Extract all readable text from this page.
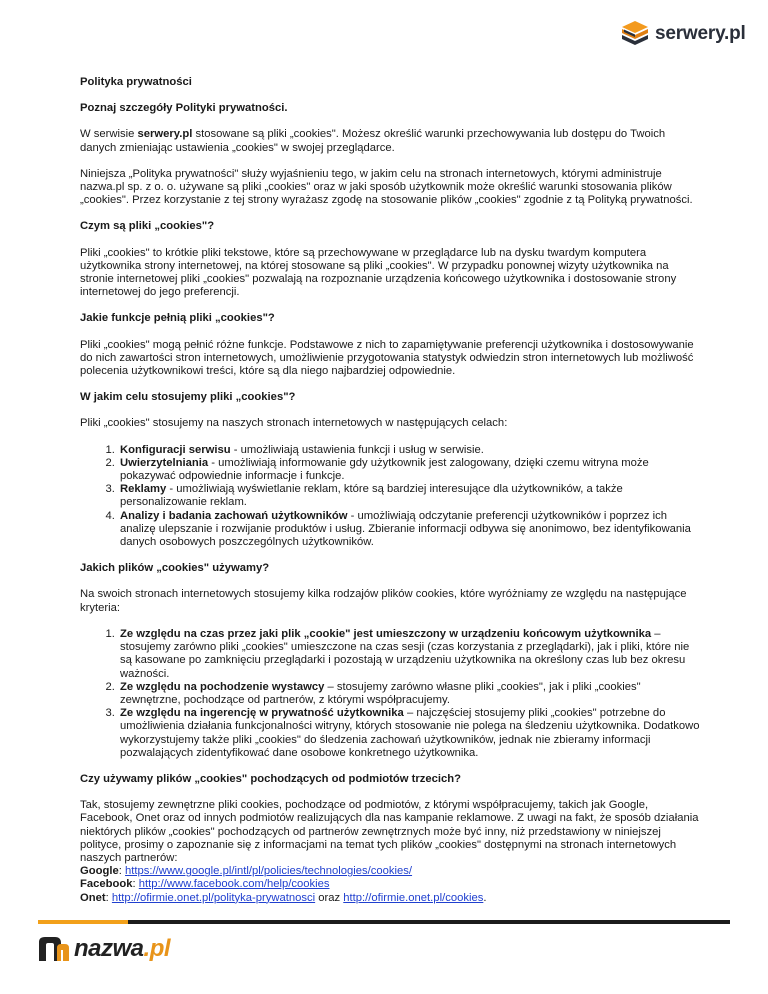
serwery.pl
Polityka prywatności
Poznaj szczegóły Polityki prywatności.

W serwisie serwery.pl stosowane są pliki „cookies". Możesz określić warunki przechowywania lub dostępu do Twoich danych zmieniając ustawienia „cookies" w swojej przeglądarce.

Niniejsza „Polityka prywatności" służy wyjaśnieniu tego, w jakim celu na stronach internetowych, którymi administruje nazwa.pl sp. z o. o. używane są pliki „cookies" oraz w jaki sposób użytkownik może określić warunki stosowania plików „cookies". Przez korzystanie z tej strony wyrażasz zgodę na stosowanie plików „cookies" zgodnie z tą Polityką prywatności.

Czym są pliki „cookies"?

Pliki „cookies" to krótkie pliki tekstowe, które są przechowywane w przeglądarce lub na dysku twardym komputera użytkownika strony internetowej, na której stosowane są pliki „cookies". W przypadku ponownej wizyty użytkownika na stronie internetowej pliki „cookies" pozwalają na rozpoznanie urządzenia końcowego użytkownika i dostosowanie strony internetowej do jego preferencji.

Jakie funkcje pełnią pliki „cookies"?

Pliki „cookies" mogą pełnić różne funkcje. Podstawowe z nich to zapamiętywanie preferencji użytkownika i dostosowywanie do nich zawartości stron internetowych, umożliwienie przygotowania statystyk odwiedzin stron internetowych lub możliwość polecenia użytkownikowi treści, które są dla niego najbardziej odpowiednie.

W jakim celu stosujemy pliki „cookies"?

Pliki „cookies" stosujemy na naszych stronach internetowych w następujących celach:

1. Konfiguracji serwisu - umożliwiają ustawienia funkcji i usług w serwisie.
2. Uwierzytelniania - umożliwiają informowanie gdy użytkownik jest zalogowany, dzięki czemu witryna może pokazywać odpowiednie informacje i funkcje.
3. Reklamy - umożliwiają wyświetlanie reklam, które są bardziej interesujące dla użytkowników, a także personalizowanie reklam.
4. Analizy i badania zachowań użytkowników - umożliwiają odczytanie preferencji użytkowników i poprzez ich analizę ulepszanie i rozwijanie produktów i usług. Zbieranie informacji odbywa się anonimowo, bez identyfikowania danych osobowych poszczególnych użytkowników.
Jakich plików „cookies" używamy?

Na swoich stronach internetowych stosujemy kilka rodzajów plików cookies, które wyróżniamy ze względu na następujące kryteria:

1. Ze względu na czas przez jaki plik „cookie" jest umieszczony w urządzeniu końcowym użytkownika – stosujemy zarówno pliki „cookies" umieszczone na czas sesji (czas korzystania z przeglądarki), jak i pliki, które nie są kasowane po zamknięciu przeglądarki i pozostają w urządzeniu użytkownika na określony czas lub bez okresu ważności.
2. Ze względu na pochodzenie wystawcy – stosujemy zarówno własne pliki „cookies", jak i pliki „cookies" zewnętrzne, pochodzące od partnerów, z którymi współpracujemy.
3. Ze względu na ingerencję w prywatność użytkownika – najczęściej stosujemy pliki „cookies" potrzebne do umożliwienia działania funkcjonalności witryny, których stosowanie nie polega na śledzeniu użytkownika. Dodatkowo wykorzystujemy także pliki „cookies" do śledzenia zachowań użytkowników, jednak nie zbieramy informacji pozwalających zidentyfikować dane osobowe konkretnego użytkownika.
Czy używamy plików „cookies" pochodzących od podmiotów trzecich?
Tak, stosujemy zewnętrzne pliki cookies, pochodzące od podmiotów, z którymi współpracujemy, takich jak Google, Facebook, Onet oraz od innych podmiotów realizujących dla nas kampanie reklamowe. Z uwagi na fakt, że sposób działania niektórych plików „cookies" pochodzących od partnerów zewnętrznych może być inny, niż przedstawiony w niniejszej polityce, prosimy o zapoznanie się z informacjami na temat tych plików „cookies" dostępnymi na stronach internetowych naszych partnerów:
Google: https://www.google.pl/intl/pl/policies/technologies/cookies/
Facebook: http://www.facebook.com/help/cookies
Onet: http://ofirmie.onet.pl/polityka-prywatnosci oraz http://ofirmie.onet.pl/cookies.
nazwa.pl
